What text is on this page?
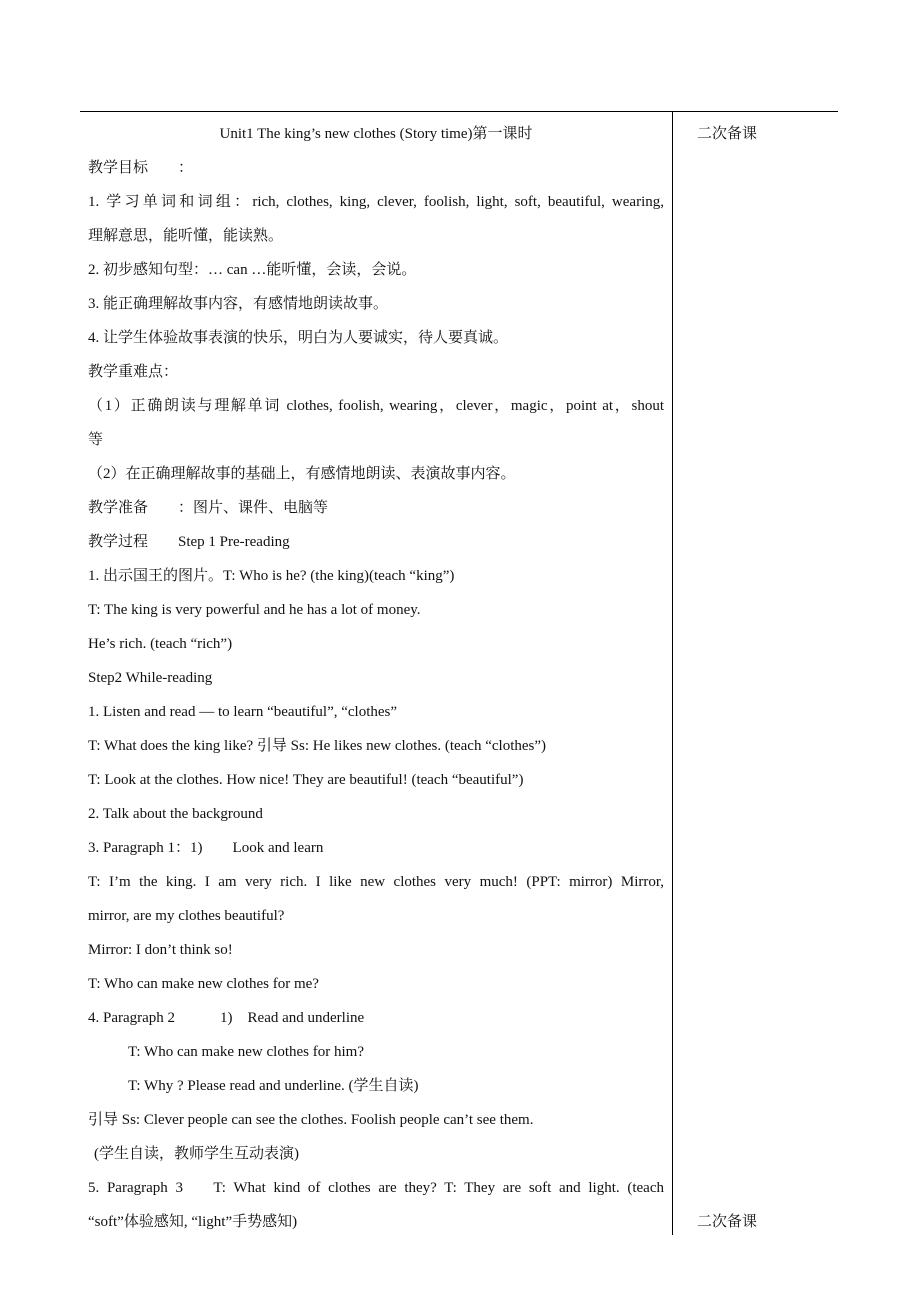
Unit1 The king’s new clothes (Story time)第一课时
教学目标　　：
1. 学习单词和词组：rich, clothes, king, clever, foolish, light, soft, beautiful, wearing,
理解意思，能听懂，能读熟。
2. 初步感知句型：… can …能听懂，会读，会说。
3. 能正确理解故事内容，有感情地朗读故事。
4. 让学生体验故事表演的快乐，明白为人要诚实，待人要真诚。
教学重难点：
（1）正确朗读与理解单词 clothes, foolish, wearing，clever，magic，point at，shout
等
（2）在正确理解故事的基础上，有感情地朗读、表演故事内容。
教学准备　　：图片、课件、电脑等
教学过程　　Step 1 Pre-reading
1. 出示国王的图片。T: Who is he? (the king)(teach “king”)
T: The king is very powerful and he has a lot of money.
He’s rich. (teach “rich”)
Step2 While-reading
1. Listen and read — to learn “beautiful”, “clothes”
T: What does the king like? 引导 Ss: He likes new clothes. (teach “clothes”)
T: Look at the clothes. How nice! They are beautiful! (teach “beautiful”)
2. Talk about the background
3. Paragraph 1：1)　　Look and learn
T: I’m the king. I am very rich. I like new clothes very much! (PPT: mirror) Mirror,
mirror, are my clothes beautiful?
Mirror: I don’t think so!
T: Who can make new clothes for me?
4. Paragraph 2　　　1)　Read and underline
T: Who can make new clothes for him?
T: Why ? Please read and underline. (学生自读)
引导 Ss: Clever people can see the clothes. Foolish people can’t see them.
(学生自读，教师学生互动表演)
5. Paragraph 3　 T: What kind of clothes are they? T: They are soft and light. (teach
“soft”体验感知, “light”手势感知)
二次备课
二次备课
